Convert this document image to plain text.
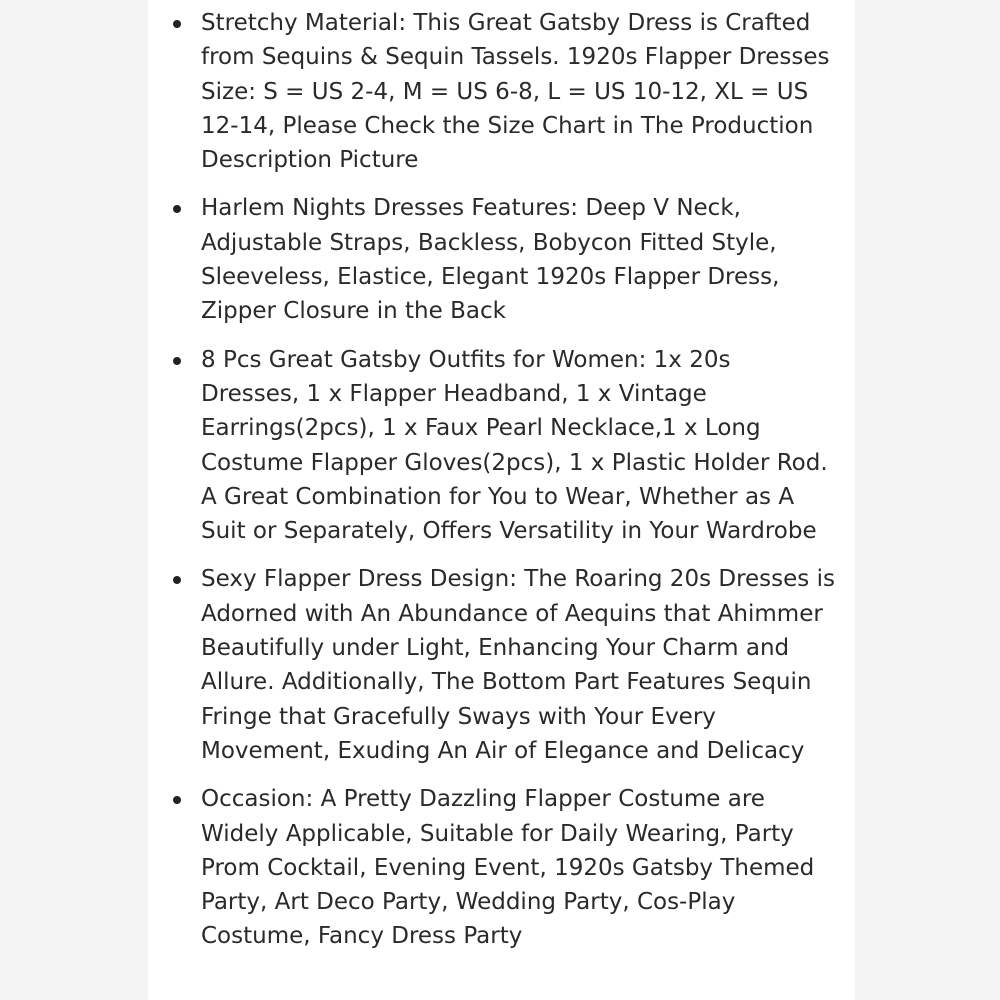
Stretchy Material: This Great Gatsby Dress is Crafted from Sequins & Sequin Tassels. 1920s Flapper Dresses Size: S = US 2-4, M = US 6-8, L = US 10-12, XL = US 12-14, Please Check the Size Chart in The Production Description Picture
Harlem Nights Dresses Features: Deep V Neck, Adjustable Straps, Backless, Bobycon Fitted Style, Sleeveless, Elastice, Elegant 1920s Flapper Dress, Zipper Closure in the Back
8 Pcs Great Gatsby Outfits for Women: 1x 20s Dresses, 1 x Flapper Headband, 1 x Vintage Earrings(2pcs), 1 x Faux Pearl Necklace,1 x Long Costume Flapper Gloves(2pcs), 1 x Plastic Holder Rod. A Great Combination for You to Wear, Whether as A Suit or Separately, Offers Versatility in Your Wardrobe
Sexy Flapper Dress Design: The Roaring 20s Dresses is Adorned with An Abundance of Aequins that Ahimmer Beautifully under Light, Enhancing Your Charm and Allure. Additionally, The Bottom Part Features Sequin Fringe that Gracefully Sways with Your Every Movement, Exuding An Air of Elegance and Delicacy
Occasion: A Pretty Dazzling Flapper Costume are Widely Applicable, Suitable for Daily Wearing, Party Prom Cocktail, Evening Event, 1920s Gatsby Themed Party, Art Deco Party, Wedding Party, Cos-Play Costume, Fancy Dress Party
